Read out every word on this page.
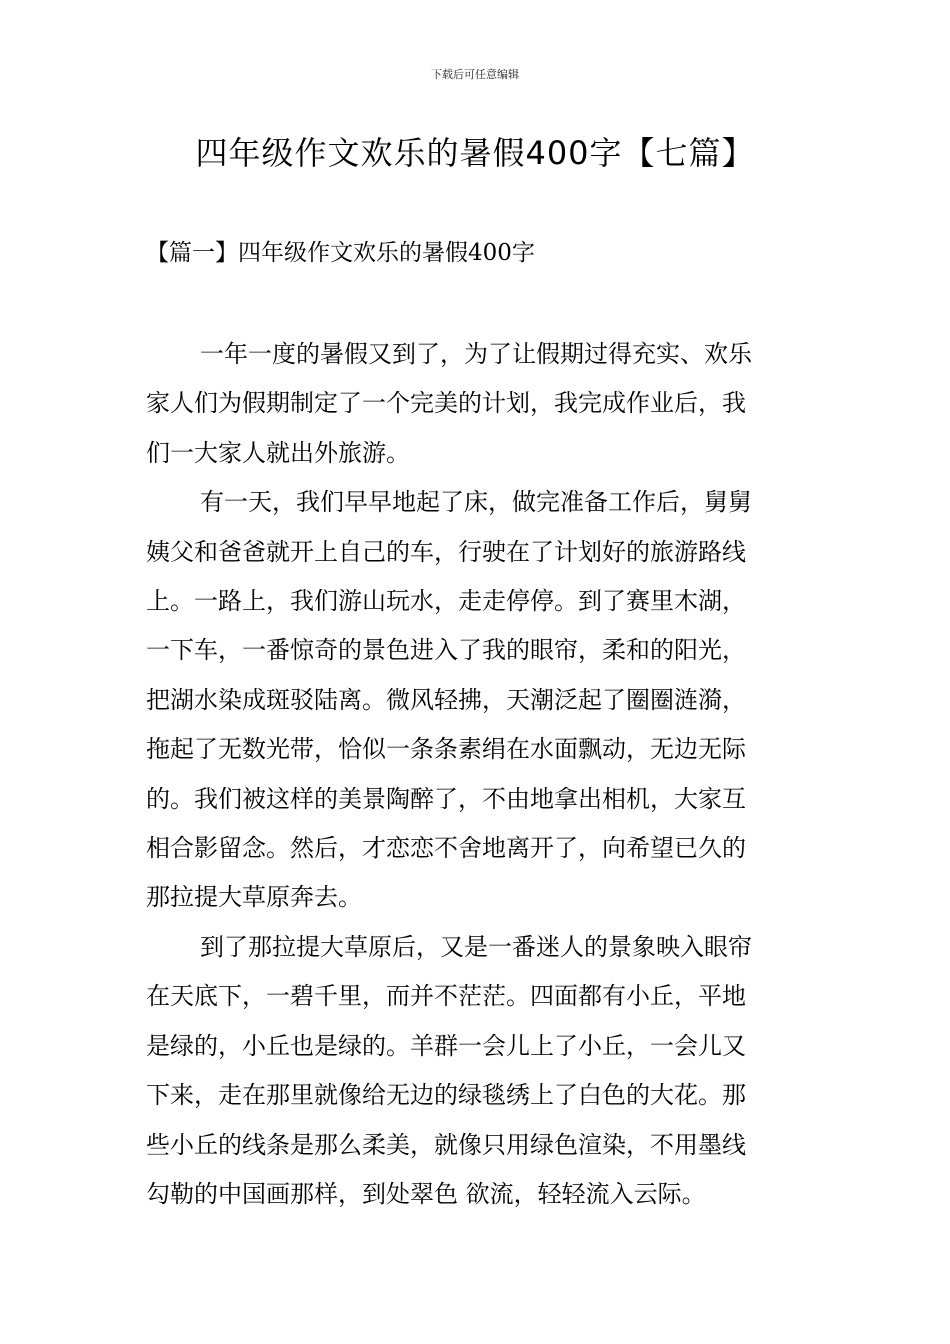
下载后可任意编辑
四年级作文欢乐的暑假400字【七篇】
【篇一】四年级作文欢乐的暑假400字

一年一度的暑假又到了，为了让假期过得充实、欢乐
家人们为假期制定了一个完美的计划，我完成作业后，我
们一大家人就出外旅游。

有一天，我们早早地起了床，做完准备工作后，舅舅
姨父和爸爸就开上自己的车，行驶在了计划好的旅游路线
上。一路上，我们游山玩水，走走停停。到了赛里木湖，
一下车，一番惊奇的景色进入了我的眼帘，柔和的阳光，
把湖水染成斑驳陆离。微风轻拂，天潮泛起了圈圈涟漪，
拖起了无数光带，恰似一条条素绢在水面飘动，无边无际
的。我们被这样的美景陶醉了，不由地拿出相机，大家互
相合影留念。然后，才恋恋不舍地离开了，向希望已久的
那拉提大草原奔去。

到了那拉提大草原后，又是一番迷人的景象映入眼帘
在天底下，一碧千里，而并不茫茫。四面都有小丘，平地
是绿的，小丘也是绿的。羊群一会儿上了小丘，一会儿又
下来，走在那里就像给无边的绿毯绣上了白色的大花。那
些小丘的线条是那么柔美，就像只用绿色渲染，不用墨线
勾勒的中国画那样，到处翠色 欲流，轻轻流入云际。
